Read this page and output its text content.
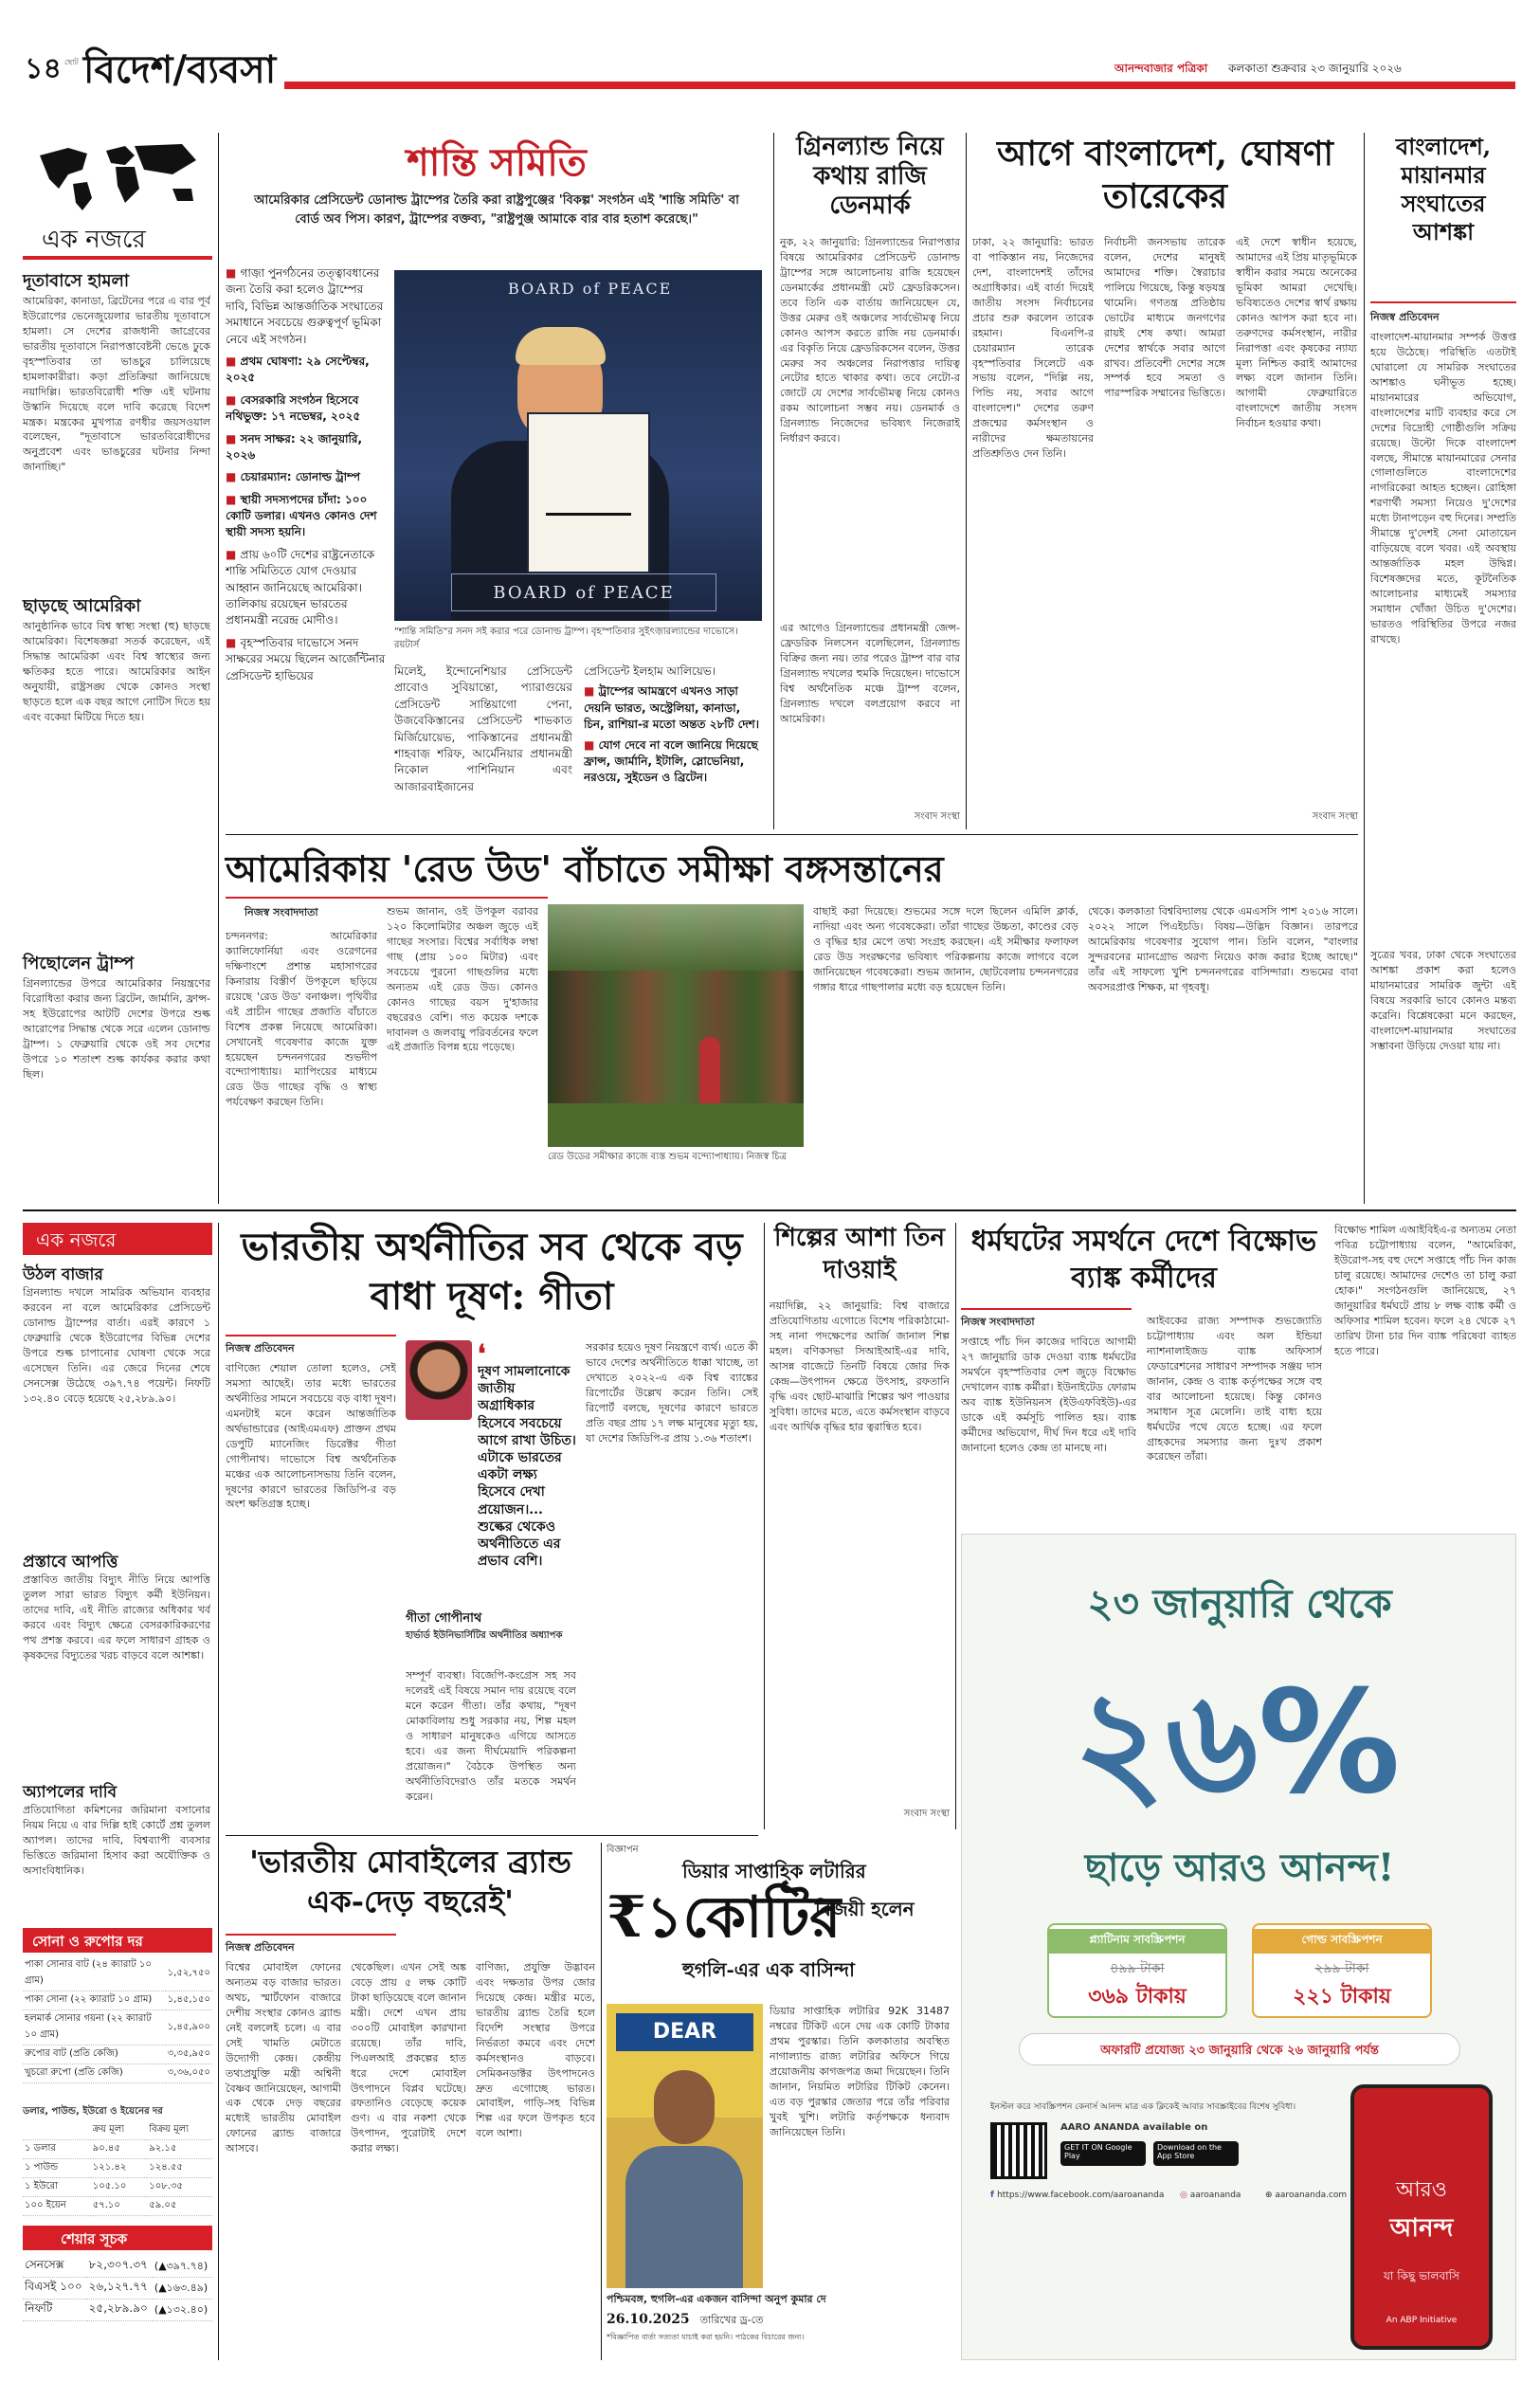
১৪ ছোট বিদেশ/ব্যবসা	আনন্দবাজার পত্রিকা কলকাতা শুক্রবার ২৩ জানুয়ারি ২০২৬
এক নজরে
দূতাবাসে হামলা
আমেরিকা, কানাডা, ব্রিটেনের পরে এ বার পূর্ব ইউরোপের ভেনেজুয়েলার ভারতীয় দূতাবাসে হামলা। সে দেশের রাজধানী জাগ্রেবের ভারতীয় দূতাবাসে নিরাপত্তাবেষ্টনী ভেঙে ঢুকে বৃহস্পতিবার তা ভাঙচুর চালিয়েছে হামলাকারীরা। কড়া প্রতিক্রিয়া জানিয়েছে নয়াদিল্লি। ভারতবিরোধী শক্তি এই ঘটনায় উস্কানি দিয়েছে বলে দাবি করেছে বিদেশ মন্ত্রক। মন্ত্রকের মুখপাত্র রণধীর জয়সওয়াল বলেছেন, "দূতাবাসে ভারতবিরোধীদের অনুপ্রবেশ এবং ভাঙচুরের ঘটনার নিন্দা জানাচ্ছি।"
ছাড়ছে আমেরিকা
আনুষ্ঠানিক ভাবে বিশ্ব স্বাস্থ্য সংস্থা (হু) ছাড়ছে আমেরিকা। বিশেষজ্ঞরা সতর্ক করেছেন, এই সিদ্ধান্ত আমেরিকা এবং বিশ্ব স্বাস্থ্যের জন্য ক্ষতিকর হতে পারে। আমেরিকার আইন অনুযায়ী, রাষ্ট্রসঙ্ঘ থেকে কোনও সংস্থা ছাড়তে হলে এক বছর আগে নোটিস দিতে হয় এবং বকেয়া মিটিয়ে দিতে হয়।
পিছোলেন ট্রাম্প
গ্রিনল্যান্ডের উপরে আমেরিকার নিয়ন্ত্রণের বিরোধিতা করার জন্য ব্রিটেন, জার্মানি, ফ্রান্স-সহ ইউরোপের আটটি দেশের উপরে শুল্ক আরোপের সিদ্ধান্ত থেকে সরে এলেন ডোনাল্ড ট্রাম্প। ১ ফেব্রুয়ারি থেকে ওই সব দেশের উপরে ১০ শতাংশ শুল্ক কার্যকর করার কথা ছিল।
শান্তি সমিতি
আমেরিকার প্রেসিডেন্ট ডোনাল্ড ট্রাম্পের তৈরি করা রাষ্ট্রপুঞ্জের 'বিকল্প' সংগঠন এই 'শান্তি সমিতি' বা বোর্ড অব পিস। কারণ, ট্রাম্পের বক্তব্য, "রাষ্ট্রপুঞ্জ আমাকে বার বার হতাশ করেছে।"
■ গাজ়া পুনর্গঠনের তত্ত্বাবধানের জন্য তৈরি করা হলেও ট্রাম্পের দাবি, বিভিন্ন আন্তর্জাতিক সংঘাতের সমাধানে সবচেয়ে গুরুত্বপূর্ণ ভূমিকা নেবে এই সংগঠন।
■ প্রথম ঘোষণা: ২৯ সেপ্টেম্বর, ২০২৫
■ বেসরকারি সংগঠন হিসেবে নথিভুক্ত: ১৭ নভেম্বর, ২০২৫
■ সনদ সাক্ষর: ২২ জানুয়ারি, ২০২৬
■ চেয়ারম্যান: ডোনাল্ড ট্রাম্প
■ স্থায়ী সদস্যপদের চাঁদা: ১০০ কোটি ডলার। এখনও কোনও দেশ স্থায়ী সদস্য হয়নি।
■ প্রায় ৬০টি দেশের রাষ্ট্রনেতাকে শান্তি সমিতিতে যোগ দেওয়ার আহ্বান জানিয়েছে আমেরিকা। তালিকায় রয়েছেন ভারতের প্রধানমন্ত্রী নরেন্দ্র মোদীও।
■ বৃহস্পতিবার দাভোসে সনদ সাক্ষরের সময়ে ছিলেন আর্জেন্টিনার প্রেসিডেন্ট হাভিয়ের
BOARD of PEACE
BOARD of PEACE
"শান্তি সমিতি"র সনদ সই করার পরে ডোনাল্ড ট্রাম্প। বৃহস্পতিবার সুইৎজ়ারল্যান্ডের দাভোসে। রয়টার্স
মিলেই, ইন্দোনেশিয়ার প্রেসিডেন্ট প্রাবোও সুবিয়ান্তো, প্যারাগুয়ের প্রেসিডেন্ট সান্তিয়াগো পেনা, উজবেকিস্তানের প্রেসিডেন্ট শাভকাত মির্জিয়োয়েভ, পাকিস্তানের প্রধানমন্ত্রী শাহবাজ় শরিফ, আর্মেনিয়ার প্রধানমন্ত্রী নিকোল পাশিনিয়ান এবং আজারবাইজানের
প্রেসিডেন্ট ইলহাম আলিয়েভ।
■ ট্রাম্পের আমন্ত্রণে এখনও সাড়া দেয়নি ভারত, অস্ট্রেলিয়া, কানাডা, চিন, রাশিয়া-র মতো অন্তত ২৮টি দেশ।
■ যোগ দেবে না বলে জানিয়ে দিয়েছে ফ্রান্স, জার্মানি, ইটালি, স্লোভেনিয়া, নরওয়ে, সুইডেন ও ব্রিটেন।
গ্রিনল্যান্ড নিয়ে কথায় রাজি ডেনমার্ক
নুক, ২২ জানুয়ারি: গ্রিনল্যান্ডের নিরাপত্তার বিষয়ে আমেরিকার প্রেসিডেন্ট ডোনাল্ড ট্রাম্পের সঙ্গে আলোচনায় রাজি হয়েছেন ডেনমার্কের প্রধানমন্ত্রী মেট ফ্রেডরিকসেন। তবে তিনি এক বার্তায় জানিয়েছেন যে, উত্তর মেরুর ওই অঞ্চলের সার্বভৌমত্ব নিয়ে কোনও আপস করতে রাজি নয় ডেনমার্ক। এর বিকৃতি নিয়ে ফ্রেডরিকসেন বলেন, উত্তর মেরুর সব অঞ্চলের নিরাপত্তার দায়িত্ব নেটোর হাতে থাকার কথা। তবে নেটো-র জোটে যে দেশের সার্বভৌমত্ব নিয়ে কোনও রকম আলোচনা সম্ভব নয়। ডেনমার্ক ও গ্রিনল্যান্ড নিজেদের ভবিষ্যৎ নিজেরাই নির্ধারণ করবে।
এর আগেও গ্রিনল্যান্ডের প্রধানমন্ত্রী জেন্স-ফ্রেডরিক নিলসেন বলেছিলেন, গ্রিনল্যান্ড বিক্রির জন্য নয়। তার পরেও ট্রাম্প বার বার গ্রিনল্যান্ড দখলের হুমকি দিয়েছেন। দাভোসে বিশ্ব অর্থনৈতিক মঞ্চে ট্রাম্প বলেন, গ্রিনল্যান্ড দখলে বলপ্রয়োগ করবে না আমেরিকা।
সংবাদ সংস্থা
আগে বাংলাদেশ, ঘোষণা তারেকের
ঢাকা, ২২ জানুয়ারি: ভারত বা পাকিস্তান নয়, নিজেদের দেশ, বাংলাদেশই তাঁদের অগ্রাধিকার। এই বার্তা দিয়েই জাতীয় সংসদ নির্বাচনের প্রচার শুরু করলেন তারেক রহমান। বিএনপি-র চেয়ারম্যান তারেক বৃহস্পতিবার সিলেটে এক সভায় বলেন, "দিল্লি নয়, পিন্ডি নয়, সবার আগে বাংলাদেশ।" দেশের তরুণ প্রজন্মের কর্মসংস্থান ও নারীদের ক্ষমতায়নের প্রতিশ্রুতিও দেন তিনি।
নির্বাচনী জনসভায় তারেক বলেন, দেশের মানুষই আমাদের শক্তি। স্বৈরাচার পালিয়ে গিয়েছে, কিন্তু ষড়যন্ত্র থামেনি। গণতন্ত্র প্রতিষ্ঠায় ভোটের মাধ্যমে জনগণের রায়ই শেষ কথা। আমরা দেশের স্বার্থকে সবার আগে রাখব। প্রতিবেশী দেশের সঙ্গে সম্পর্ক হবে সমতা ও পারস্পরিক সম্মানের ভিত্তিতে।
এই দেশে স্বাধীন হয়েছে, আমাদের এই প্রিয় মাতৃভূমিকে স্বাধীন করার সময়ে অনেকের ভূমিকা আমরা দেখেছি। ভবিষ্যতেও দেশের স্বার্থ রক্ষায় কোনও আপস করা হবে না। তরুণদের কর্মসংস্থান, নারীর নিরাপত্তা এবং কৃষকের ন্যায্য মূল্য নিশ্চিত করাই আমাদের লক্ষ্য বলে জানান তিনি। আগামী ফেব্রুয়ারিতে বাংলাদেশে জাতীয় সংসদ নির্বাচন হওয়ার কথা।
সংবাদ সংস্থা
বাংলাদেশ, মায়ানমার সংঘাতের আশঙ্কা
নিজস্ব প্রতিবেদন
বাংলাদেশ-মায়ানমার সম্পর্ক উত্তপ্ত হয়ে উঠেছে। পরিস্থিতি এতটাই ঘোরালো যে সামরিক সংঘাতের আশঙ্কাও ঘনীভূত হচ্ছে। মায়ানমারের অভিযোগ, বাংলাদেশের মাটি ব্যবহার করে সে দেশের বিদ্রোহী গোষ্ঠীগুলি সক্রিয় রয়েছে। উল্টো দিকে বাংলাদেশ বলছে, সীমান্তে মায়ানমারের সেনার গোলাগুলিতে বাংলাদেশের নাগরিকেরা আহত হচ্ছেন। রোহিঙ্গা শরণার্থী সমস্যা নিয়েও দু'দেশের মধ্যে টানাপড়েন বহু দিনের। সম্প্রতি সীমান্তে দু'দেশই সেনা মোতায়েন বাড়িয়েছে বলে খবর। এই অবস্থায় আন্তর্জাতিক মহল উদ্বিগ্ন। বিশেষজ্ঞদের মতে, কূটনৈতিক আলোচনার মাধ্যমেই সমস্যার সমাধান খোঁজা উচিত দু'দেশের। ভারতও পরিস্থিতির উপরে নজর রাখছে।
সুত্রের খবর, ঢাকা থেকে সংঘাতের আশঙ্কা প্রকাশ করা হলেও মায়ানমারের সামরিক জুন্টা এই বিষয়ে সরকারি ভাবে কোনও মন্তব্য করেনি। বিশ্লেষকেরা মনে করছেন, বাংলাদেশ-মায়ানমার সংঘাতের সম্ভাবনা উড়িয়ে দেওয়া যায় না।
আমেরিকায় 'রেড উড' বাঁচাতে সমীক্ষা বঙ্গসন্তানের
নিজস্ব সংবাদদাতা
চন্দননগর: আমেরিকার ক্যালিফোর্নিয়া এবং ওরেগনের দক্ষিণাংশে প্রশান্ত মহাসাগরের কিনারায় বিস্তীর্ণ উপকূলে ছড়িয়ে রয়েছে 'রেড উড' বনাঞ্চল। পৃথিবীর এই প্রাচীন গাছের প্রজাতি বাঁচাতে বিশেষ প্রকল্প নিয়েছে আমেরিকা। সেখানেই গবেষণার কাজে যুক্ত হয়েছেন চন্দননগরের শুভদীপ বন্দ্যোপাধ্যায়। ম্যাপিংয়ের মাধ্যমে রেড উড গাছের বৃদ্ধি ও স্বাস্থ্য পর্যবেক্ষণ করছেন তিনি।
শুভম জানান, ওই উপকূল বরাবর ১২০ কিলোমিটার অঞ্চল জুড়ে এই গাছের সংসার। বিশ্বের সর্বাধিক লম্বা গাছ (প্রায় ১০০ মিটার) এবং সবচেয়ে পুরনো গাছগুলির মধ্যে অন্যতম এই রেড উড। কোনও কোনও গাছের বয়স দু'হাজার বছরেরও বেশি। গত কয়েক দশকে দাবানল ও জলবায়ু পরিবর্তনের ফলে এই প্রজাতি বিপন্ন হয়ে পড়েছে।
রেড উডের সমীক্ষার কাজে ব্যস্ত শুভম বন্দ্যোপাধ্যায়। নিজস্ব চিত্র
বাছাই করা দিয়েছে। শুভমের সঙ্গে দলে ছিলেন এমিলি ক্লার্ক, নাদিয়া এবং অন্য গবেষকেরা। তাঁরা গাছের উচ্চতা, কাণ্ডের বেড় ও বৃদ্ধির হার মেপে তথ্য সংগ্রহ করছেন। এই সমীক্ষার ফলাফল রেড উড সংরক্ষণের ভবিষ্যৎ পরিকল্পনায় কাজে লাগবে বলে জানিয়েছেন গবেষকেরা। শুভম জানান, ছোটবেলায় চন্দননগরের গঙ্গার ধারে গাছপালার মধ্যে বড় হয়েছেন তিনি।
থেকে। কলকাতা বিশ্ববিদ্যালয় থেকে এমএসসি পাশ ২০১৬ সালে। ২০২২ সালে পিএইচডি। বিষয়—উদ্ভিদ বিজ্ঞান। তারপরে আমেরিকায় গবেষণার সুযোগ পান। তিনি বলেন, "বাংলার সুন্দরবনের ম্যানগ্রোভ অরণ্য নিয়েও কাজ করার ইচ্ছে আছে।" তাঁর এই সাফল্যে খুশি চন্দননগরের বাসিন্দারা। শুভমের বাবা অবসরপ্রাপ্ত শিক্ষক, মা গৃহবধূ।
এক নজরে
উঠল বাজার
গ্রিনল্যান্ড দখলে সামরিক অভিযান ব্যবহার করবেন না বলে আমেরিকার প্রেসিডেন্ট ডোনাল্ড ট্রাম্পের বার্তা। এরই কারণে ১ ফেব্রুয়ারি থেকে ইউরোপের বিভিন্ন দেশের উপরে শুল্ক চাপানোর ঘোষণা থেকে সরে এসেছেন তিনি। এর জেরে দিনের শেষে সেনসেক্স উঠেছে ৩৯৭.৭৪ পয়েন্ট। নিফটি ১৩২.৪০ বেড়ে হয়েছে ২৫,২৮৯.৯০।
প্রস্তাবে আপত্তি
প্রস্তাবিত জাতীয় বিদ্যুৎ নীতি নিয়ে আপত্তি তুলল সারা ভারত বিদ্যুৎ কর্মী ইউনিয়ন। তাদের দাবি, এই নীতি রাজ্যের অধিকার খর্ব করবে এবং বিদ্যুৎ ক্ষেত্রে বেসরকারিকরণের পথ প্রশস্ত করবে। এর ফলে সাধারণ গ্রাহক ও কৃষকদের বিদ্যুতের খরচ বাড়বে বলে আশঙ্কা।
অ্যাপলের দাবি
প্রতিযোগিতা কমিশনের জরিমানা বসানোর নিয়ম নিয়ে এ বার দিল্লি হাই কোর্টে প্রশ্ন তুলল অ্যাপল। তাদের দাবি, বিশ্বব্যাপী ব্যবসার ভিত্তিতে জরিমানা হিসাব করা অযৌক্তিক ও অসাংবিধানিক।
সোনা ও রুপোর দর
পাকা সোনার বাট (২৪ ক্যারাট ১০ গ্রাম)	১,৫২,৭৫০
পাকা সোনা (২২ ক্যারাট ১০ গ্রাম)	১,৪৫,১৫০
হলমার্ক সোনার গয়না (২২ ক্যারাট ১০ গ্রাম)	১,৪৫,৯০০
রুপোর বাট (প্রতি কেজি)	৩,৩৫,৯৫০
খুচরো রুপো (প্রতি কেজি)	৩,৩৬,০৫০
ডলার, পাউন্ড, ইউরো ও ইয়েনের দর
	ক্রয় মূল্য	বিক্রয় মূল্য
১ ডলার	৯০.৪৫	৯২.১৫
১ পাউন্ড	১২১.৪২	১২৪.৫৫
১ ইউরো	১০৫.১০	১০৮.৩৫
১০০ ইয়েন	৫৭.১০	৫৯.০৫
শেয়ার সূচক
সেনসেক্স	৮২,৩০৭.৩৭	(▲৩৯৭.৭৪)
বিএসই ১০০	২৬,১২৭.৭৭	(▲১৬৩.৪৯)
নিফটি	২৫,২৮৯.৯০	(▲১৩২.৪০)
ভারতীয় অর্থনীতির সব থেকে বড় বাধা দূষণ: গীতা
নিজস্ব প্রতিবেদন
বাণিজ্যে শেয়াল তোলা হলেও, সেই সমস্যা আছেই। তার মধ্যে ভারতের অর্থনীতির সামনে সবচেয়ে বড় বাধা দূষণ। এমনটাই মনে করেন আন্তর্জাতিক অর্থভান্ডারের (আইএমএফ) প্রাক্তন প্রথম ডেপুটি ম্যানেজিং ডিরেক্টর গীতা গোপীনাথ। দাভোসে বিশ্ব অর্থনৈতিক মঞ্চের এক আলোচনাসভায় তিনি বলেন, দূষণের কারণে ভারতের জিডিপি-র বড় অংশ ক্ষতিগ্রস্ত হচ্ছে।
❛
দূষণ সামলানোকে জাতীয় অগ্রাধিকার হিসেবে সবচেয়ে আগে রাখা উচিত। এটাকে ভারতের একটা লক্ষ্য হিসেবে দেখা প্রয়োজন।... শুল্কের থেকেও অর্থনীতিতে এর প্রভাব বেশি।
গীতা গোপীনাথ
হার্ভার্ড ইউনিভার্সিটির অর্থনীতির অধ্যাপক
সরকার হয়েও দূষণ নিয়ন্ত্রণে ব্যর্থ। এতে কী ভাবে দেশের অর্থনীতিতে ধাক্কা খাচ্ছে, তা দেখাতে ২০২২-এ এক বিশ্ব ব্যাঙ্কের রিপোর্টের উল্লেখ করেন তিনি। সেই রিপোর্ট বলছে, দূষণের কারণে ভারতে প্রতি বছর প্রায় ১৭ লক্ষ মানুষের মৃত্যু হয়, যা দেশের জিডিপি-র প্রায় ১.৩৬ শতাংশ।
সম্পূর্ণ ব্যবস্থা। বিজেপি-কংগ্রেস সহ সব দলেরই এই বিষয়ে সমান দায় রয়েছে বলে মনে করেন গীতা। তাঁর কথায়, "দূষণ মোকাবিলায় শুধু সরকার নয়, শিল্প মহল ও সাধারণ মানুষকেও এগিয়ে আসতে হবে। এর জন্য দীর্ঘমেয়াদি পরিকল্পনা প্রয়োজন।" বৈঠকে উপস্থিত অন্য অর্থনীতিবিদেরাও তাঁর মতকে সমর্থন করেন।
শিল্পের আশা তিন দাওয়াই
নয়াদিল্লি, ২২ জানুয়ারি: বিশ্ব বাজারে প্রতিযোগিতায় এগোতে বিশেষ পরিকাঠামো-সহ নানা পদক্ষেপের আর্জি জানাল শিল্প মহল। বণিকসভা সিআইআই-এর দাবি, আসন্ন বাজেটে তিনটি বিষয়ে জোর দিক কেন্দ্র—উৎপাদন ক্ষেত্রে উৎসাহ, রফতানি বৃদ্ধি এবং ছোট-মাঝারি শিল্পের ঋণ পাওয়ার সুবিধা। তাদের মতে, এতে কর্মসংস্থান বাড়বে এবং আর্থিক বৃদ্ধির হার ত্বরান্বিত হবে।
সংবাদ সংস্থা
ধর্মঘটের সমর্থনে দেশে বিক্ষোভ ব্যাঙ্ক কর্মীদের
নিজস্ব সংবাদদাতা
সপ্তাহে পাঁচ দিন কাজের দাবিতে আগামী ২৭ জানুয়ারি ডাক দেওয়া ব্যাঙ্ক ধর্মঘটের সমর্থনে বৃহস্পতিবার দেশ জুড়ে বিক্ষোভ দেখালেন ব্যাঙ্ক কর্মীরা। ইউনাইটেড ফোরাম অব ব্যাঙ্ক ইউনিয়নস (ইউএফবিইউ)-এর ডাকে এই কর্মসূচি পালিত হয়। ব্যাঙ্ক কর্মীদের অভিযোগ, দীর্ঘ দিন ধরে এই দাবি জানানো হলেও কেন্দ্র তা মানছে না।
আইবকের রাজ্য সম্পাদক শুভজ্যোতি চট্টোপাধ্যায় এবং অল ইন্ডিয়া ন্যাশনালাইজড ব্যাঙ্ক অফিসার্স ফেডারেশনের সাধারণ সম্পাদক সঞ্জয় দাস জানান, কেন্দ্র ও ব্যাঙ্ক কর্তৃপক্ষের সঙ্গে বহু বার আলোচনা হয়েছে। কিন্তু কোনও সমাধান সূত্র মেলেনি। তাই বাধ্য হয়ে ধর্মঘটের পথে যেতে হচ্ছে। এর ফলে গ্রাহকদের সমস্যার জন্য দুঃখ প্রকাশ করেছেন তাঁরা।
বিক্ষোভ শামিল এআইবিইএ-র অন্যতম নেতা পবিত্র চট্টোপাধ্যায় বলেন, "আমেরিকা, ইউরোপ-সহ বহু দেশে সপ্তাহে পাঁচ দিন কাজ চালু রয়েছে। আমাদের দেশেও তা চালু করা হোক।" সংগঠনগুলি জানিয়েছে, ২৭ জানুয়ারির ধর্মঘটে প্রায় ৮ লক্ষ ব্যাঙ্ক কর্মী ও অফিসার শামিল হবেন। ফলে ২৪ থেকে ২৭ তারিখ টানা চার দিন ব্যাঙ্ক পরিষেবা ব্যাহত হতে পারে।
২৩ জানুয়ারি থেকে
২৬%
ছাড়ে আরও আনন্দ!
প্ল্যাটিনাম সাবস্ক্রিপশন
৪৯৯ টাকা
৩৬৯ টাকায়
গোল্ড সাবস্ক্রিপশন
২৯৯ টাকা
২২১ টাকায়
অফারটি প্রযোজ্য ২৩ জানুয়ারি থেকে ২৬ জানুয়ারি পর্যন্ত
ইনস্টল করে সাবস্ক্রিপশন কেনার্স আনন্দ মাত্র এক ক্লিকেই আবার সাবস্ক্রাইবের বিশেষ সুবিধা।
AARO ANANDA available on
GET IT ON Google Play
Download on the App Store
f https://www.facebook.com/aaroananda ◎ aaroananda	⊕ aaroananda.com	আরও
আনন্দ
যা কিছু ভালবাসি
An ABP Initiative
'ভারতীয় মোবাইলের ব্র্যান্ড এক-দেড় বছরেই'
নিজস্ব প্রতিবেদন
বিশ্বের মোবাইল ফোনের অন্যতম বড় বাজার ভারত। অথচ, স্মার্টফোন বাজারে দেশীয় সংস্থার কোনও ব্র্যান্ড নেই বললেই চলে। এ বার সেই খামতি মেটাতে উদ্যোগী কেন্দ্র। কেন্দ্রীয় তথ্যপ্রযুক্তি মন্ত্রী অশ্বিনী বৈষ্ণব জানিয়েছেন, আগামী এক থেকে দেড় বছরের মধ্যেই ভারতীয় মোবাইল ফোনের ব্র্যান্ড বাজারে আসবে।
থেকেছিল। এখন সেই অঙ্ক বেড়ে প্রায় ৫ লক্ষ কোটি টাকা ছাড়িয়েছে বলে জানান মন্ত্রী। দেশে এখন প্রায় ৩০০টি মোবাইল কারখানা রয়েছে। তাঁর দাবি, পিএলআই প্রকল্পের হাত ধরে দেশে মোবাইল উৎপাদনে বিপ্লব ঘটেছে। রফতানিও বেড়েছে কয়েক গুণ। এ বার নকশা থেকে উৎপাদন, পুরোটাই দেশে করার লক্ষ্য।
বাণিজ্য, প্রযুক্তি উদ্ভাবন এবং দক্ষতার উপর জোর দিয়েছে কেন্দ্র। মন্ত্রীর মতে, ভারতীয় ব্র্যান্ড তৈরি হলে বিদেশি সংস্থার উপরে নির্ভরতা কমবে এবং দেশে কর্মসংস্থানও বাড়বে। সেমিকনডাক্টর উৎপাদনেও দ্রুত এগোচ্ছে ভারত। মোবাইল, গাড়ি-সহ বিভিন্ন শিল্প এর ফলে উপকৃত হবে বলে আশা।
বিজ্ঞাপন
ডিয়ার সাপ্তাহিক লটারির
₹১কোটির
বিজয়ী হলেন
হুগলি-এর এক বাসিন্দা
DEAR
ডিয়ার সাপ্তাহিক লটারির 92K 31487 নম্বরের টিকিট এনে দেয় এক কোটি টাকার প্রথম পুরস্কার। তিনি কলকাতার অবস্থিত নাগাল্যান্ড রাজ্য লটারির অফিসে গিয়ে প্রয়োজনীয় কাগজপত্র জমা দিয়েছেন। তিনি জানান, নিয়মিত লটারির টিকিট কেনেন। এত বড় পুরস্কার জেতার পরে তাঁর পরিবার খুবই খুশি। লটারি কর্তৃপক্ষকে ধন্যবাদ জানিয়েছেন তিনি।
পশ্চিমবঙ্গ, হুগলি-এর একজন বাসিন্দা অনুপ কুমার দে
26.10.2025 তারিখের ড্র-তে
*বিজ্ঞাপিত বার্তা সত্যতা যাচাই করা হয়নি। পাঠকের বিচারের জন্য।
